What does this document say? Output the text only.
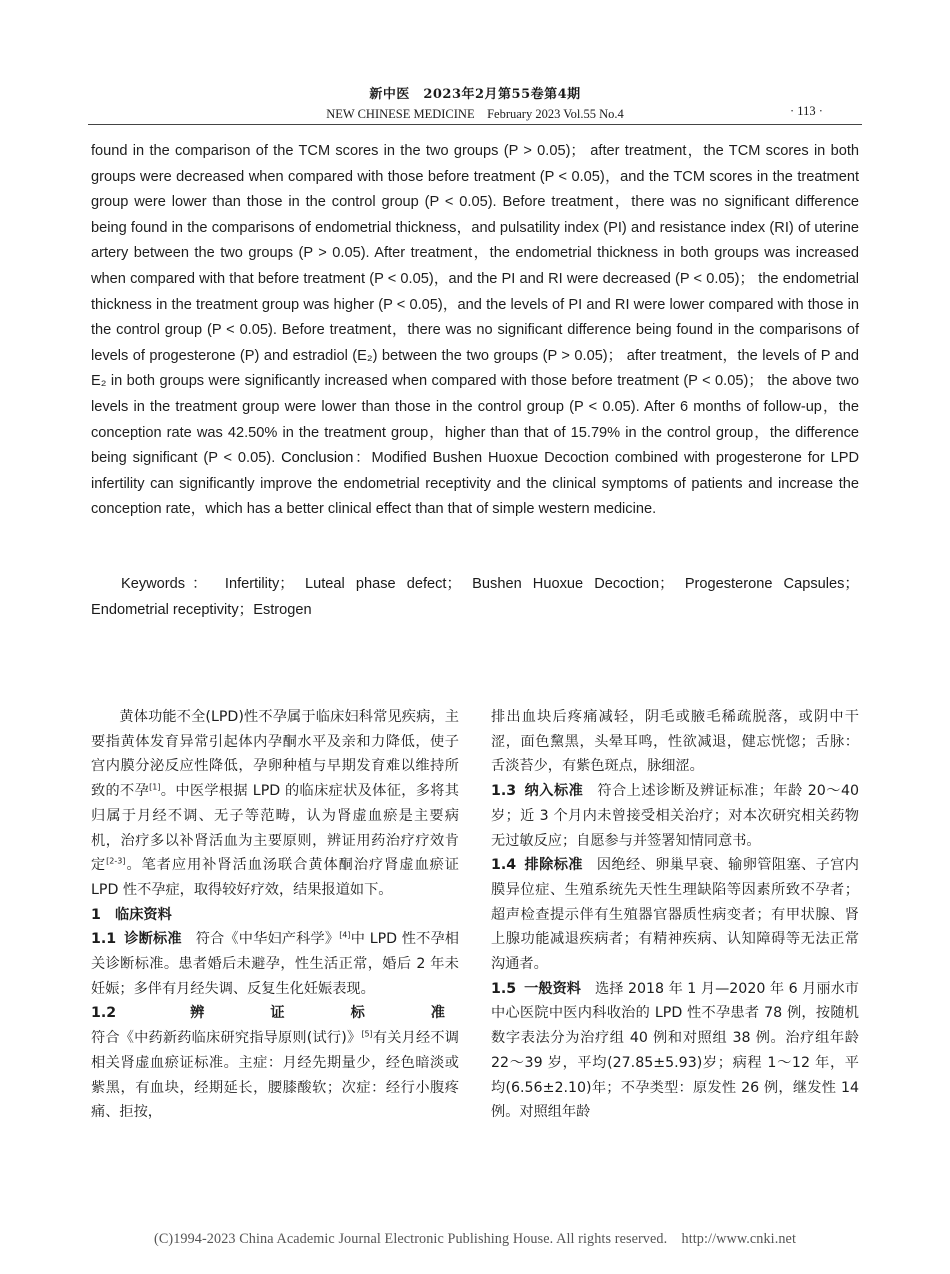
新中医　2023年2月第55卷第4期
NEW CHINESE MEDICINE　February 2023 Vol.55 No.4	· 113 ·

found in the comparison of the TCM scores in the two groups (P > 0.05)； after treatment，the TCM scores in both groups were decreased when compared with those before treatment (P < 0.05)，and the TCM scores in the treatment group were lower than those in the control group (P < 0.05). Before treatment，there was no significant difference being found in the comparisons of endometrial thickness，and pulsatility index (PI) and resistance index (RI) of uterine artery between the two groups (P > 0.05). After treatment，the endometrial thickness in both groups was increased when compared with that before treatment (P < 0.05)，and the PI and RI were decreased (P < 0.05)； the endometrial thickness in the treatment group was higher (P < 0.05)，and the levels of PI and RI were lower compared with those in the control group (P < 0.05). Before treatment，there was no significant difference being found in the comparisons of levels of progesterone (P) and estradiol (E₂) between the two groups (P > 0.05)； after treatment，the levels of P and E₂ in both groups were significantly increased when compared with those before treatment (P < 0.05)； the above two levels in the treatment group were lower than those in the control group (P < 0.05). After 6 months of follow-up，the conception rate was 42.50% in the treatment group，higher than that of 15.79% in the control group，the difference being significant (P < 0.05). Conclusion：Modified Bushen Huoxue Decoction combined with progesterone for LPD infertility can significantly improve the endometrial receptivity and the clinical symptoms of patients and increase the conception rate，which has a better clinical effect than that of simple western medicine.

Keywords： Infertility； Luteal phase defect； Bushen Huoxue Decoction； Progesterone Capsules； Endometrial receptivity；Estrogen

黄体功能不全(LPD)性不孕属于临床妇科常见疾病，主要指黄体发育异常引起体内孕酮水平及亲和力降低，使子宫内膜分泌反应性降低，孕卵种植与早期发育难以维持所致的不孕[1]。中医学根据 LPD 的临床症状及体征，多将其归属于月经不调、无子等范畴，认为肾虚血瘀是主要病机，治疗多以补肾活血为主要原则，辨证用药治疗疗效肯定[2-3]。笔者应用补肾活血汤联合黄体酮治疗肾虚血瘀证 LPD 性不孕症，取得较好疗效，结果报道如下。

1　临床资料

1.1 诊断标准 符合《中华妇产科学》[4]中 LPD 性不孕相关诊断标准。患者婚后未避孕，性生活正常，婚后 2 年未妊娠；多伴有月经失调、反复生化妊娠表现。

1.2 辨证标准符合《中药新药临床研究指导原则(试行)》[5]有关月经不调相关肾虚血瘀证标准。主症：月经先期量少，经色暗淡或紫黑，有血块，经期延长，腰膝酸软；次症：经行小腹疼痛、拒按，

排出血块后疼痛减轻，阴毛或腋毛稀疏脱落，或阴中干涩，面色黧黑，头晕耳鸣，性欲减退，健忘恍惚；舌脉：舌淡苔少，有紫色斑点，脉细涩。

1.3 纳入标准 符合上述诊断及辨证标准；年龄 20～40 岁；近 3 个月内未曾接受相关治疗；对本次研究相关药物无过敏反应；自愿参与并签署知情同意书。

1.4 排除标准 因绝经、卵巢早衰、输卵管阻塞、子宫内膜异位症、生殖系统先天性生理缺陷等因素所致不孕者；超声检查提示伴有生殖器官器质性病变者；有甲状腺、肾上腺功能减退疾病者；有精神疾病、认知障碍等无法正常沟通者。

1.5 一般资料 选择 2018 年 1 月—2020 年 6 月丽水市中心医院中医内科收治的 LPD 性不孕患者 78 例，按随机数字表法分为治疗组 40 例和对照组 38 例。治疗组年龄 22～39 岁，平均(27.85±5.93)岁；病程 1～12 年，平均(6.56±2.10)年；不孕类型：原发性 26 例，继发性 14 例。对照组年龄

(C)1994-2023 China Academic Journal Electronic Publishing House. All rights reserved.　http://www.cnki.net
